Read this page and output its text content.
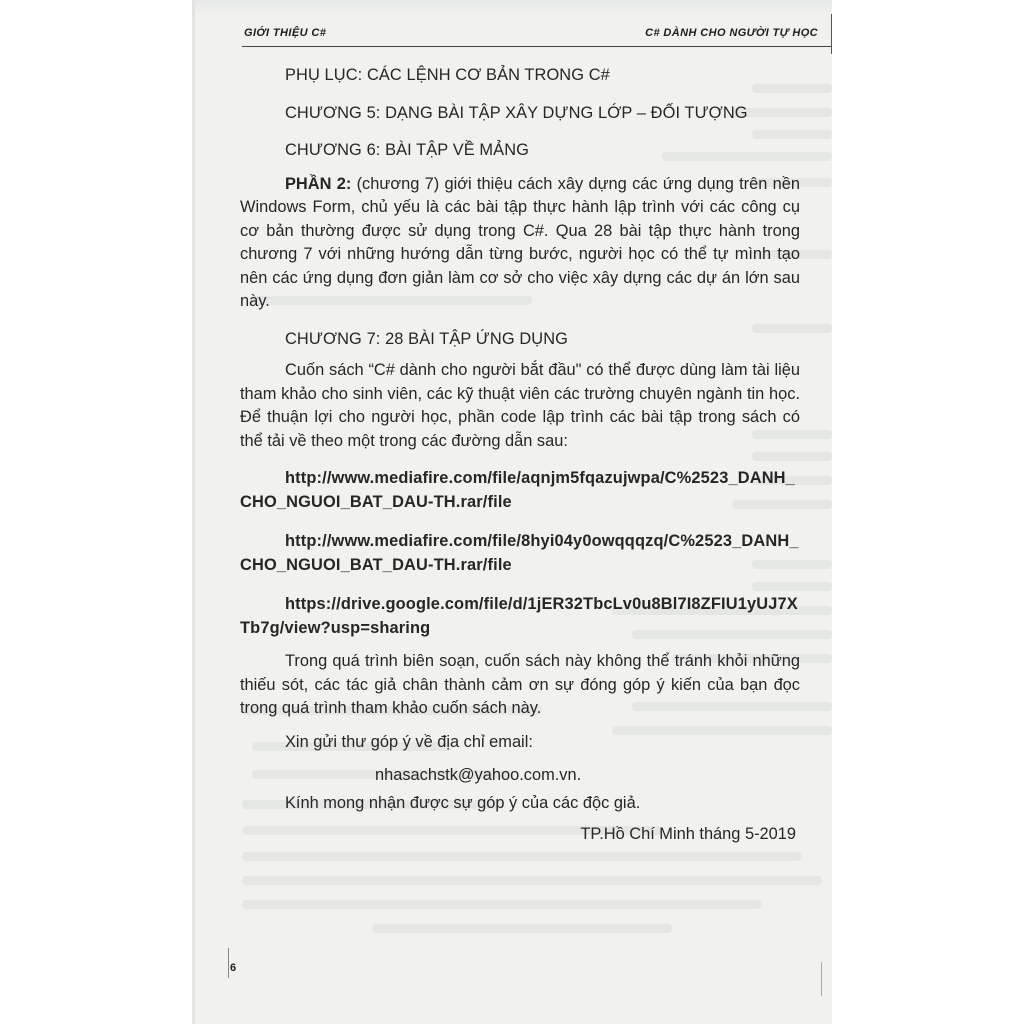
GIỚI THIỆU C#	C# DÀNH CHO NGƯỜI TỰ HỌC

PHỤ LỤC: CÁC LỆNH CƠ BẢN TRONG C#

CHƯƠNG 5: DẠNG BÀI TẬP XÂY DỰNG LỚP – ĐỐI TƯỢNG

CHƯƠNG 6: BÀI TẬP VỀ MẢNG

PHẦN 2: (chương 7) giới thiệu cách xây dựng các ứng dụng trên nền Windows Form, chủ yếu là các bài tập thực hành lập trình với các công cụ cơ bản thường được sử dụng trong C#. Qua 28 bài tập thực hành trong chương 7 với những hướng dẫn từng bước, người học có thể tự mình tạo nên các ứng dụng đơn giản làm cơ sở cho việc xây dựng các dự án lớn sau này.

CHƯƠNG 7: 28 BÀI TẬP ỨNG DỤNG

Cuốn sách “C# dành cho người bắt đầu" có thể được dùng làm tài liệu tham khảo cho sinh viên, các kỹ thuật viên các trường chuyên ngành tin học. Để thuận lợi cho người học, phần code lập trình các bài tập trong sách có thể tải về theo một trong các đường dẫn sau:

http://www.mediafire.com/file/aqnjm5fqazujwpa/C%2523_DANH_CHO_NGUOI_BAT_DAU-TH.rar/file

http://www.mediafire.com/file/8hyi04y0owqqqzq/C%2523_DANH_CHO_NGUOI_BAT_DAU-TH.rar/file

https://drive.google.com/file/d/1jER32TbcLv0u8Bl7I8ZFIU1yUJ7XTb7g/view?usp=sharing

Trong quá trình biên soạn, cuốn sách này không thể tránh khỏi những thiếu sót, các tác giả chân thành cảm ơn sự đóng góp ý kiến của bạn đọc trong quá trình tham khảo cuốn sách này.

Xin gửi thư góp ý về địa chỉ email:

nhasachstk@yahoo.com.vn.

Kính mong nhận được sự góp ý của các độc giả.

TP.Hồ Chí Minh tháng 5-2019

6
